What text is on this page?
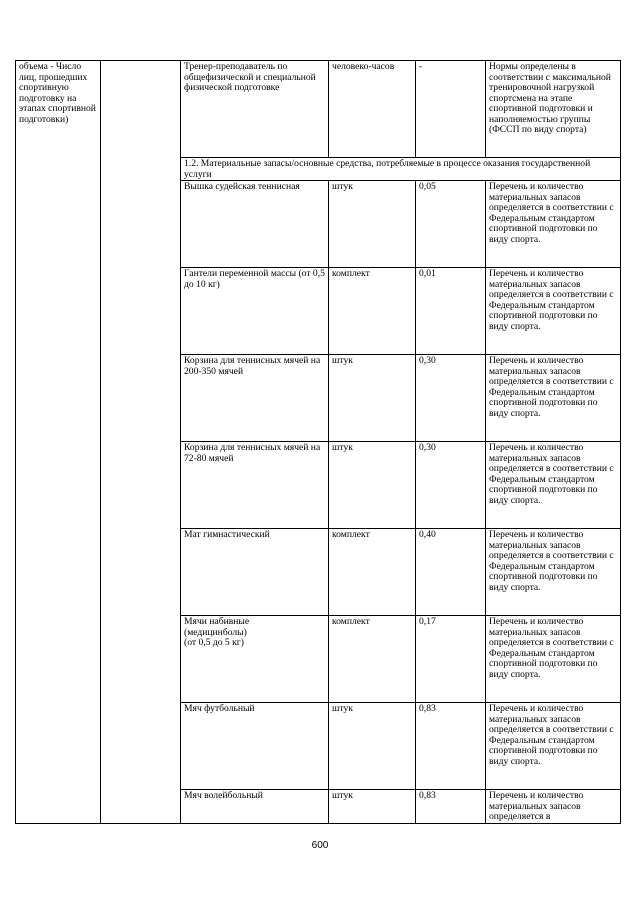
объема - Число лиц, прошедших спортивную подготовку на этапах спортивной подготовки)		Тренер-преподаватель по общефизической и специальной физической подготовке	человеко-часов	-	Нормы определены в соответствии с максимальной тренировочной нагрузкой спортсмена на этапе спортивной подготовки и наполняемостью группы (ФССП по виду спорта)
		1.2. Материальные запасы/основные средства, потребляемые в процессе оказания государственной услуги			
		Вышка судейская теннисная	штук	0,05	Перечень и количество материальных запасов определяется в соответствии с Федеральным стандартом спортивной подготовки по виду спорта.
		Гантели переменной массы (от 0,5 до 10 кг)	комплект	0,01	Перечень и количество материальных запасов определяется в соответствии с Федеральным стандартом спортивной подготовки по виду спорта.
		Корзина для теннисных мячей на 200-350 мячей	штук	0,30	Перечень и количество материальных запасов определяется в соответствии с Федеральным стандартом спортивной подготовки по виду спорта.
		Корзина для теннисных мячей на 72-80 мячей	штук	0,30	Перечень и количество материальных запасов определяется в соответствии с Федеральным стандартом спортивной подготовки по виду спорта.
		Мат гимнастический	комплект	0,40	Перечень и количество материальных запасов определяется в соответствии с Федеральным стандартом спортивной подготовки по виду спорта.
		Мячи набивные
(медицинболы)
(от 0,5 до 5 кг)	комплект	0,17	Перечень и количество материальных запасов определяется в соответствии с Федеральным стандартом спортивной подготовки по виду спорта.
		Мяч футбольный	штук	0,83	Перечень и количество материальных запасов определяется в соответствии с Федеральным стандартом спортивной подготовки по виду спорта.
		Мяч волейбольный	штук	0,83	Перечень и количество материальных запасов определяется в
600
